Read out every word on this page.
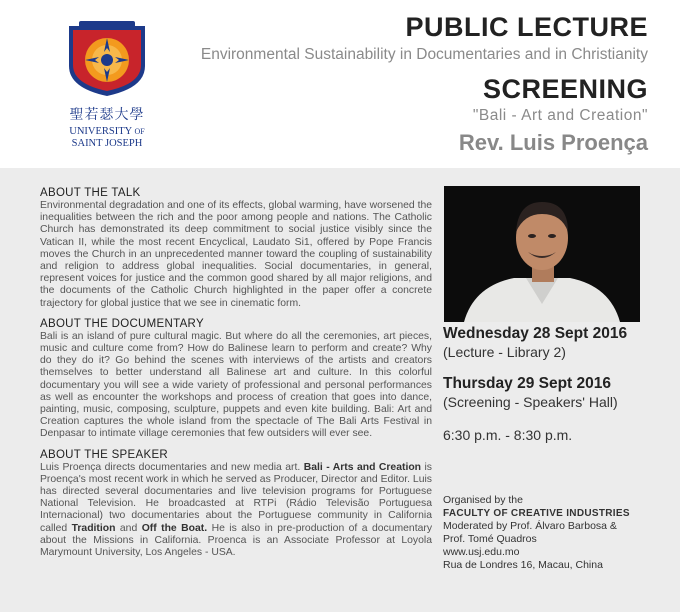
聖若瑟大學
UNIVERSITY OF
SAINT JOSEPH
PUBLIC LECTURE
Environmental Sustainability in Documentaries and in Christianity
SCREENING
"Bali - Art and Creation"
Rev. Luis Proença
ABOUT THE TALK
Environmental degradation and one of its effects, global warming, have worsened the inequalities between the rich and the poor among people and nations. The Catholic Church has demonstrated its deep commitment to social justice visibly since the Vatican II, while the most recent Encyclical, Laudato Si1, offered by Pope Francis moves the Church in an unprecedented manner toward the coupling of sustainability and religion to address global inequalities. Social documentaries, in general, represent voices for justice and the common good shared by all major religions, and the documents of the Catholic Church highlighted in the paper offer a concrete trajectory for global justice that we see in cinematic form.
ABOUT THE DOCUMENTARY
Bali is an island of pure cultural magic. But where do all the ceremonies, art pieces, music and culture come from? How do Balinese learn to perform and create? Why do they do it? Go behind the scenes with interviews of the artists and creators themselves to better understand all Balinese art and culture. In this colorful documentary you will see a wide variety of professional and personal performances as well as encounter the workshops and process of creation that goes into dance, painting, music, composing, sculpture, puppets and even kite building. Bali: Art and Creation captures the whole island from the spectacle of The Bali Arts Festival in Denpasar to intimate village ceremonies that few outsiders will ever see.
ABOUT THE SPEAKER
Luis Proença directs documentaries and new media art. Bali - Arts and Creation is Proença's most recent work in which he served as Producer, Director and Editor. Luis has directed several documentaries and live television programs for Portuguese National Television. He broadcasted at RTPi (Rádio Televisão Portuguesa Internacional) two documentaries about the Portuguese community in California called Tradition and Off the Boat. He is also in pre-production of a documentary about the Missions in California. Proenca is an Associate Professor at Loyola Marymount University, Los Angeles - USA.
Wednesday 28 Sept 2016
(Lecture - Library 2)
Thursday 29 Sept 2016
(Screening - Speakers' Hall)
6:30 p.m. - 8:30 p.m.
Organised by the
FACULTY OF CREATIVE INDUSTRIES
Moderated by Prof. Álvaro Barbosa &
Prof. Tomé Quadros
www.usj.edu.mo
Rua de Londres 16, Macau, China
